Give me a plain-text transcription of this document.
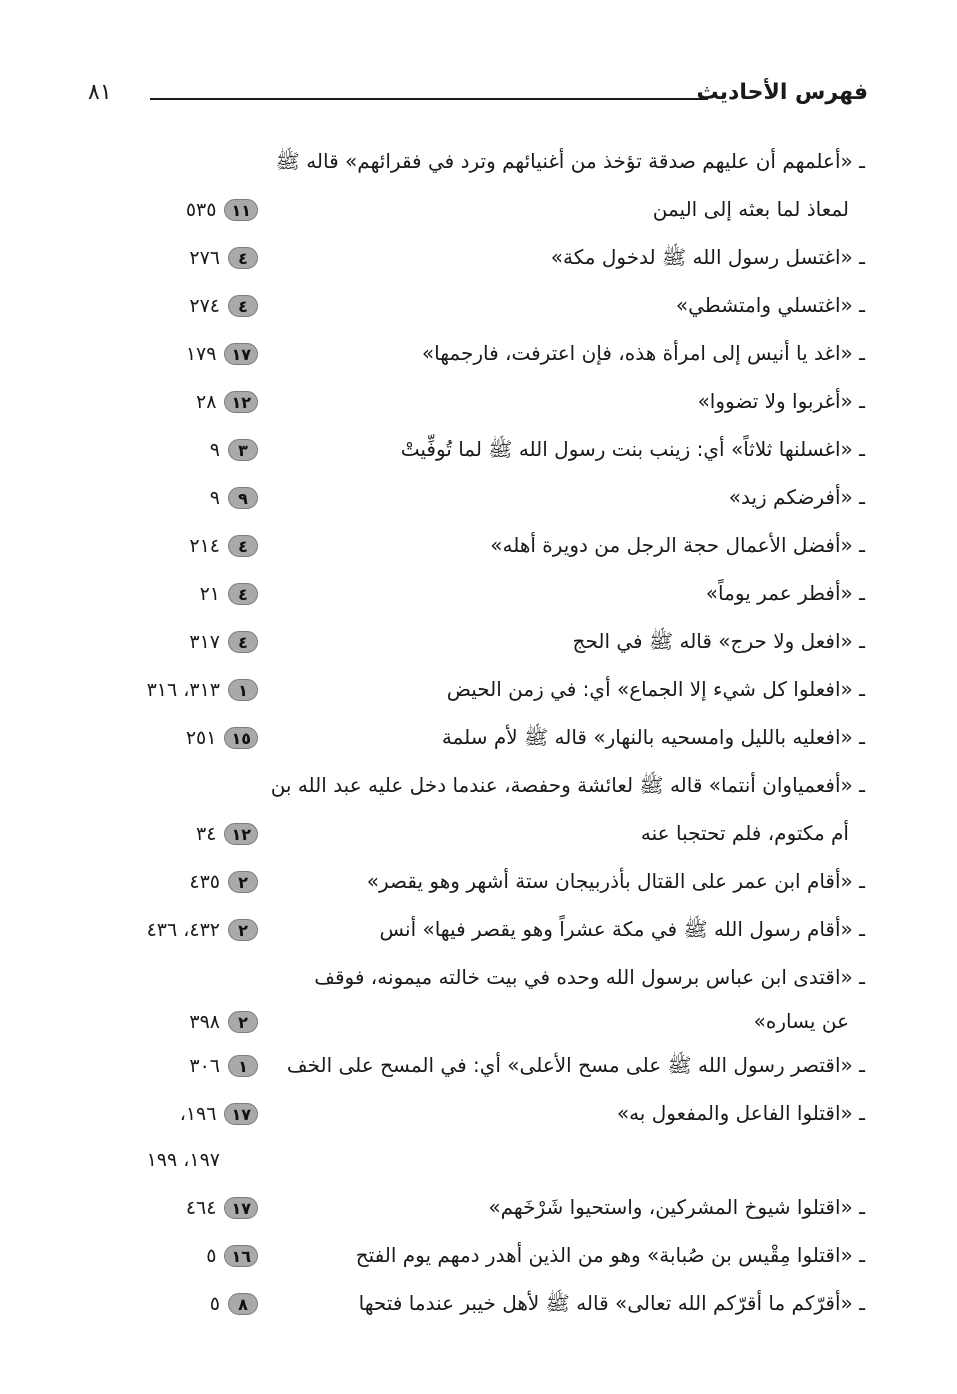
فهرس الأحاديث
٨١
ـ «أعلمهم أن عليهم صدقة تؤخذ من أغنيائهم وترد في فقرائهم» قاله ﷺ
لمعاذ لما بعثه إلى اليمن
٥٣٥ ١١
ـ «اغتسل رسول الله ﷺ لدخول مكة»
٢٧٦ ٤
ـ «اغتسلي وامتشطي»
٢٧٤ ٤
ـ «اغد يا أنيس إلى امرأة هذه، فإن اعترفت، فارجمها»
١٧٩ ١٧
ـ «أغربوا ولا تضووا»
٢٨ ١٢
ـ «اغسلنها ثلاثاً» أي: زينب بنت رسول الله ﷺ لما تُوفِّيتْ
٩ ٣
ـ «أفرضكم زيد»
٩ ٩
ـ «أفضل الأعمال حجة الرجل من دويرة أهله»
٢١٤ ٤
ـ «أفطر عمر يوماً»
٢١ ٤
ـ «افعل ولا حرج» قاله ﷺ في الحج
٣١٧ ٤
ـ «افعلوا كل شيء إلا الجماع» أي: في زمن الحيض
٣١٣، ٣١٦ ١
ـ «افعليه بالليل وامسحيه بالنهار» قاله ﷺ لأم سلمة
٢٥١ ١٥
ـ «أفعمياوان أنتما» قاله ﷺ لعائشة وحفصة، عندما دخل عليه عبد الله بن
أم مكتوم، فلم تحتجبا عنه
٣٤ ١٢
ـ «أقام ابن عمر على القتال بأذربيجان ستة أشهر وهو يقصر»
٤٣٥ ٢
ـ «أقام رسول الله ﷺ في مكة عشراً وهو يقصر فيها» أنس
٤٣٢، ٤٣٦ ٢
ـ «اقتدى ابن عباس برسول الله وحده في بيت خالته ميمونه، فوقف
عن يساره»
٣٩٨ ٢
ـ «اقتصر رسول الله ﷺ على مسح الأعلى» أي: في المسح على الخف
٣٠٦ ١
ـ «اقتلوا الفاعل والمفعول به»
١٩٦، ١٧
١٩٧، ١٩٩
ـ «اقتلوا شيوخ المشركين، واستحيوا شَرْخَهم»
٤٦٤ ١٧
ـ «اقتلوا مِقْيس بن صُبابة» وهو من الذين أهدر دمهم يوم الفتح
٥ ١٦
ـ «أقرّكم ما أقرّكم الله تعالى» قاله ﷺ لأهل خيبر عندما فتحها
٥ ٨
